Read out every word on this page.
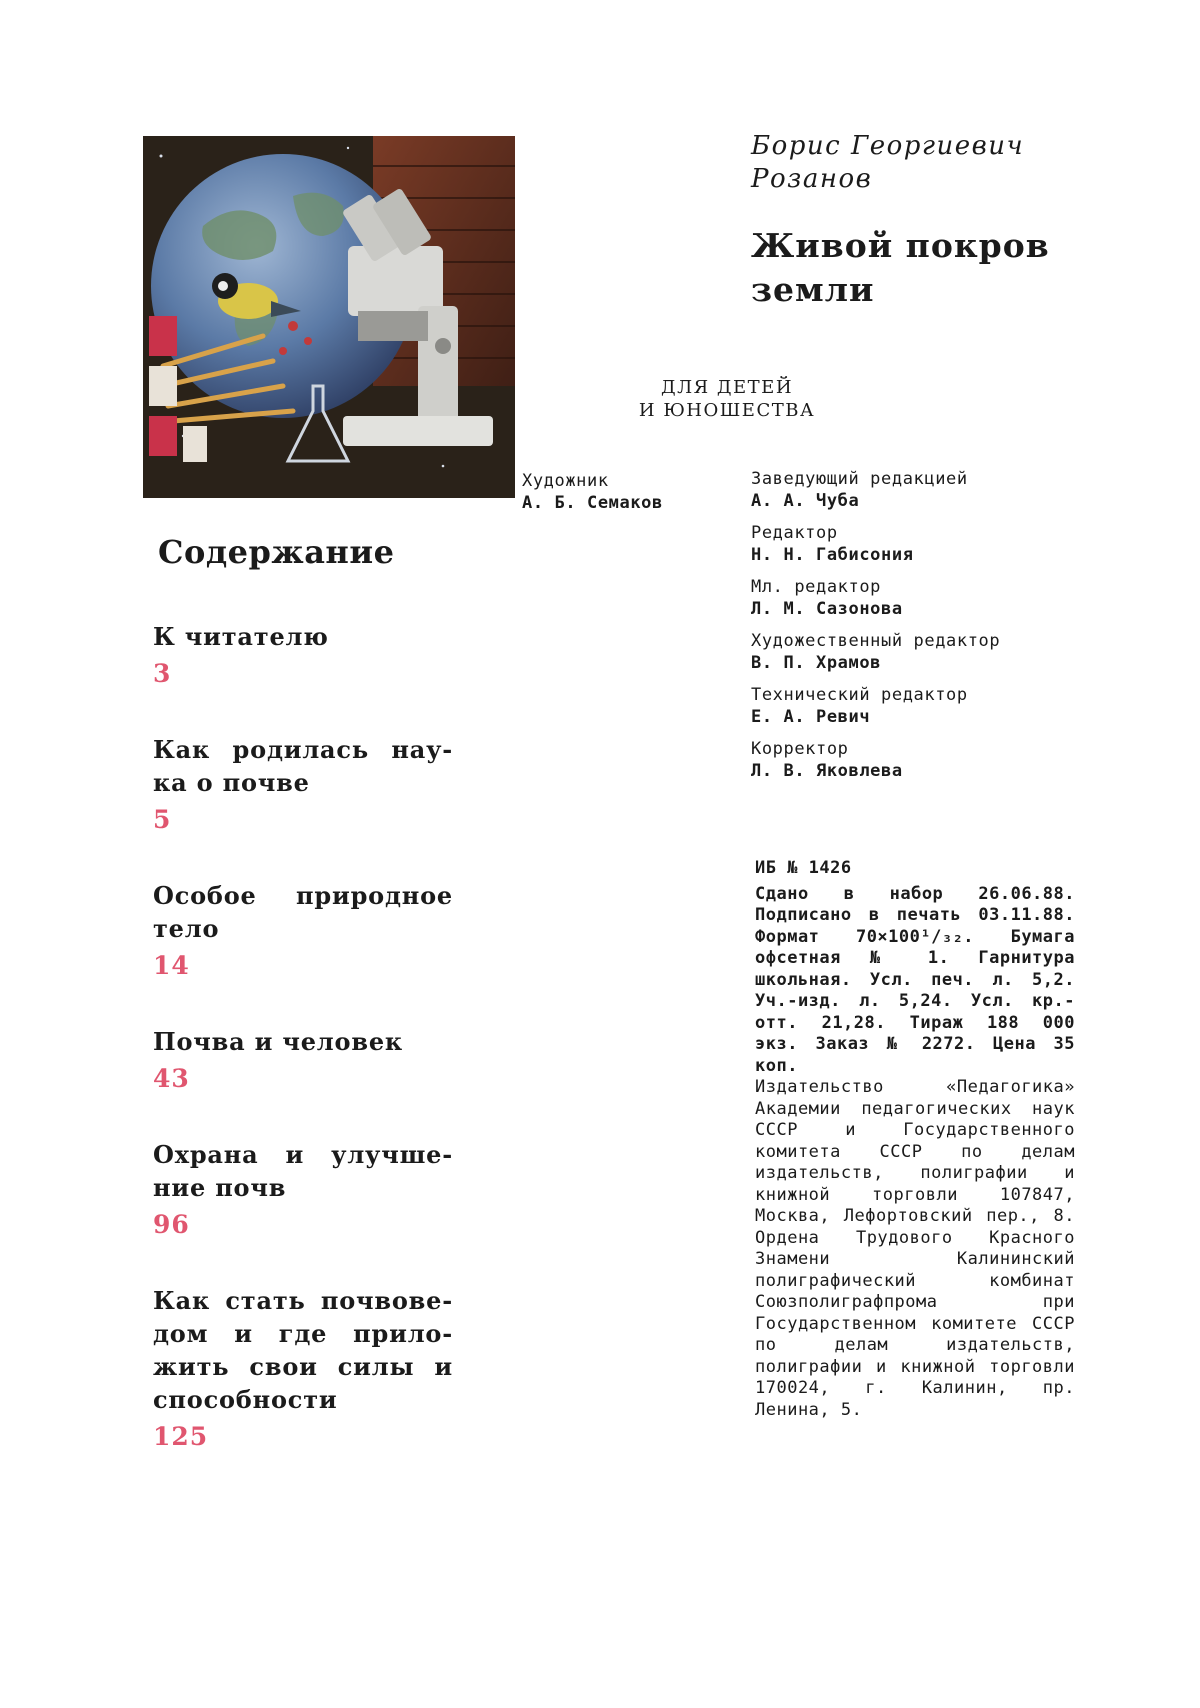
Борис Георгиевич
Розанов
Живой покров
земли
ДЛЯ ДЕТЕЙ
И ЮНОШЕСТВА
Содержание
К читателю
3
Как родилась нау-ка о почве
5
Особое природное тело
14
Почва и человек
43
Охрана и улучше-ние почв
96
Как стать почвове-дом и где прило-жить свои силы и способности
125
Художник
А. Б. Семаков
Заведующий редакцией
А. А. Чуба
Редактор
Н. Н. Габисония
Мл. редактор
Л. М. Сазонова
Художественный редактор
В. П. Храмов
Технический редактор
Е. А. Ревич
Корректор
Л. В. Яковлева
ИБ № 1426
Сдано в набор 26.06.88. Подписано в печать 03.11.88. Формат 70×100¹/₃₂. Бумага офсетная № 1. Гарнитура школьная. Усл. печ. л. 5,2. Уч.-изд. л. 5,24. Усл. кр.-отт. 21,28. Тираж 188 000 экз. Заказ № 2272. Цена 35 коп.
Издательство «Педагогика» Академии педагогических наук СССР и Государственного комитета СССР по делам издательств, полиграфии и книжной торговли 107847, Москва, Лефортовский пер., 8. Ордена Трудового Красного Знамени Калининский полиграфический комбинат Союзполиграфпрома при Государственном комитете СССР по делам издательств, полиграфии и книжной торговли 170024, г. Калинин, пр. Ленина, 5.
